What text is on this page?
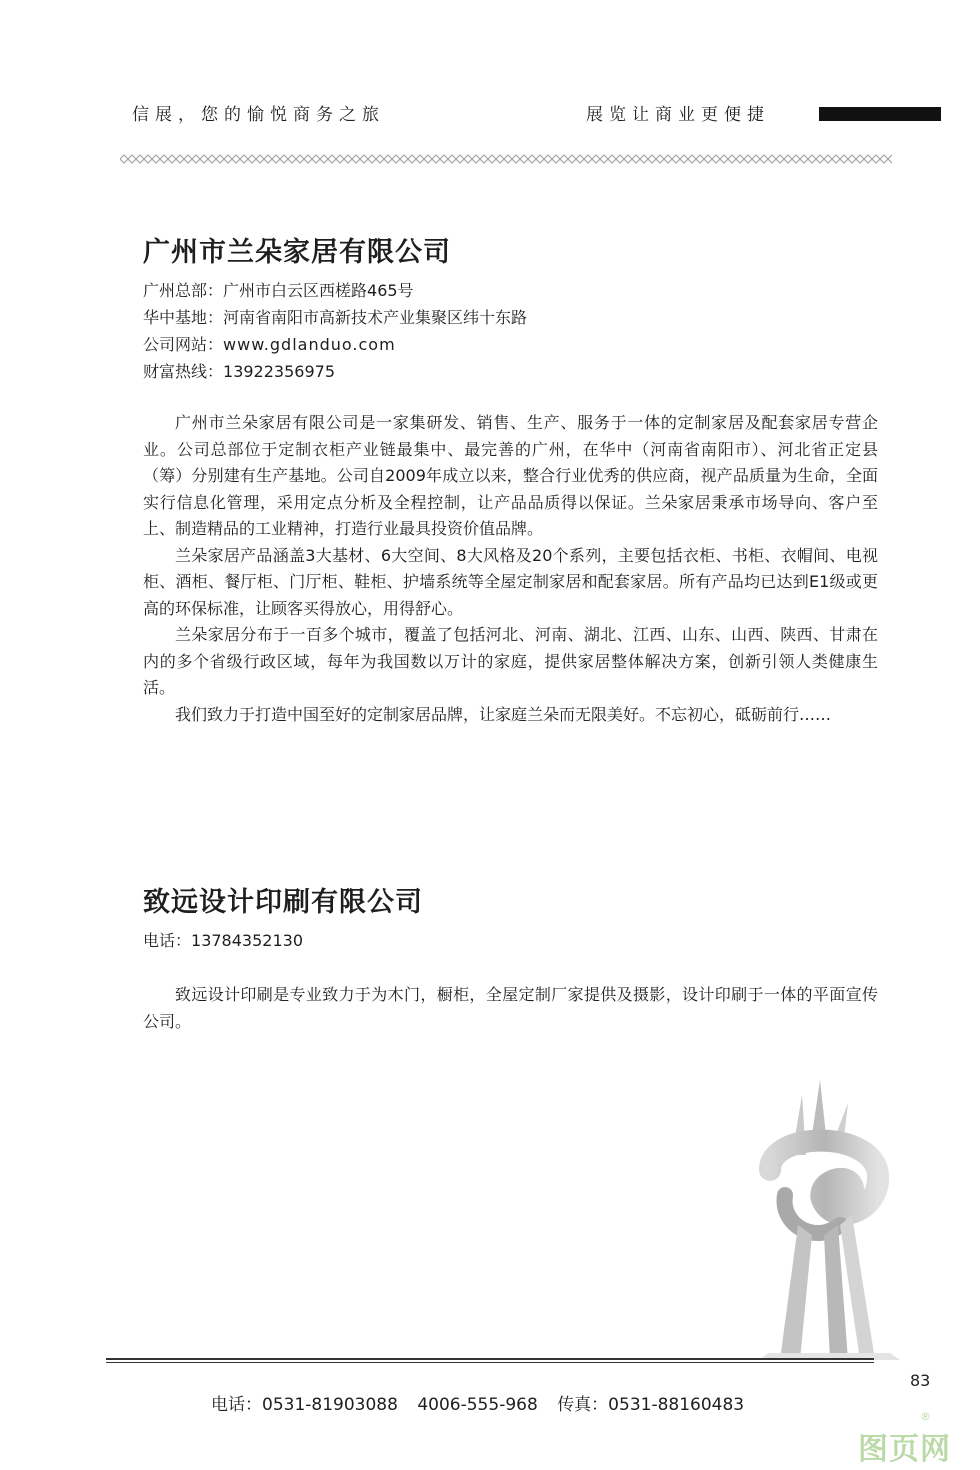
信展，您的愉悦商务之旅	展览让商业更便捷
广州市兰朵家居有限公司
广州总部：广州市白云区西槎路465号
华中基地：河南省南阳市高新技术产业集聚区纬十东路
公司网站：www.gdlanduo.com
财富热线：13922356975

广州市兰朵家居有限公司是一家集研发、销售、生产、服务于一体的定制家居及配套家居专营企业。公司总部位于定制衣柜产业链最集中、最完善的广州，在华中（河南省南阳市）、河北省正定县（筹）分别建有生产基地。公司自2009年成立以来，整合行业优秀的供应商，视产品质量为生命，全面实行信息化管理，采用定点分析及全程控制，让产品品质得以保证。兰朵家居秉承市场导向、客户至上、制造精品的工业精神，打造行业最具投资价值品牌。

兰朵家居产品涵盖3大基材、6大空间、8大风格及20个系列，主要包括衣柜、书柜、衣帽间、电视柜、酒柜、餐厅柜、门厅柜、鞋柜、护墙系统等全屋定制家居和配套家居。所有产品均已达到E1级或更高的环保标准，让顾客买得放心，用得舒心。

兰朵家居分布于一百多个城市，覆盖了包括河北、河南、湖北、江西、山东、山西、陕西、甘肃在内的多个省级行政区域，每年为我国数以万计的家庭，提供家居整体解决方案，创新引领人类健康生活。

我们致力于打造中国至好的定制家居品牌，让家庭兰朵而无限美好。不忘初心，砥砺前行……

致远设计印刷有限公司
电话：13784352130

致远设计印刷是专业致力于为木门，橱柜，全屋定制厂家提供及摄影，设计印刷于一体的平面宣传公司。

83
电话：0531-81903088 4006-555-968 传真：0531-88160483
图页网
®
